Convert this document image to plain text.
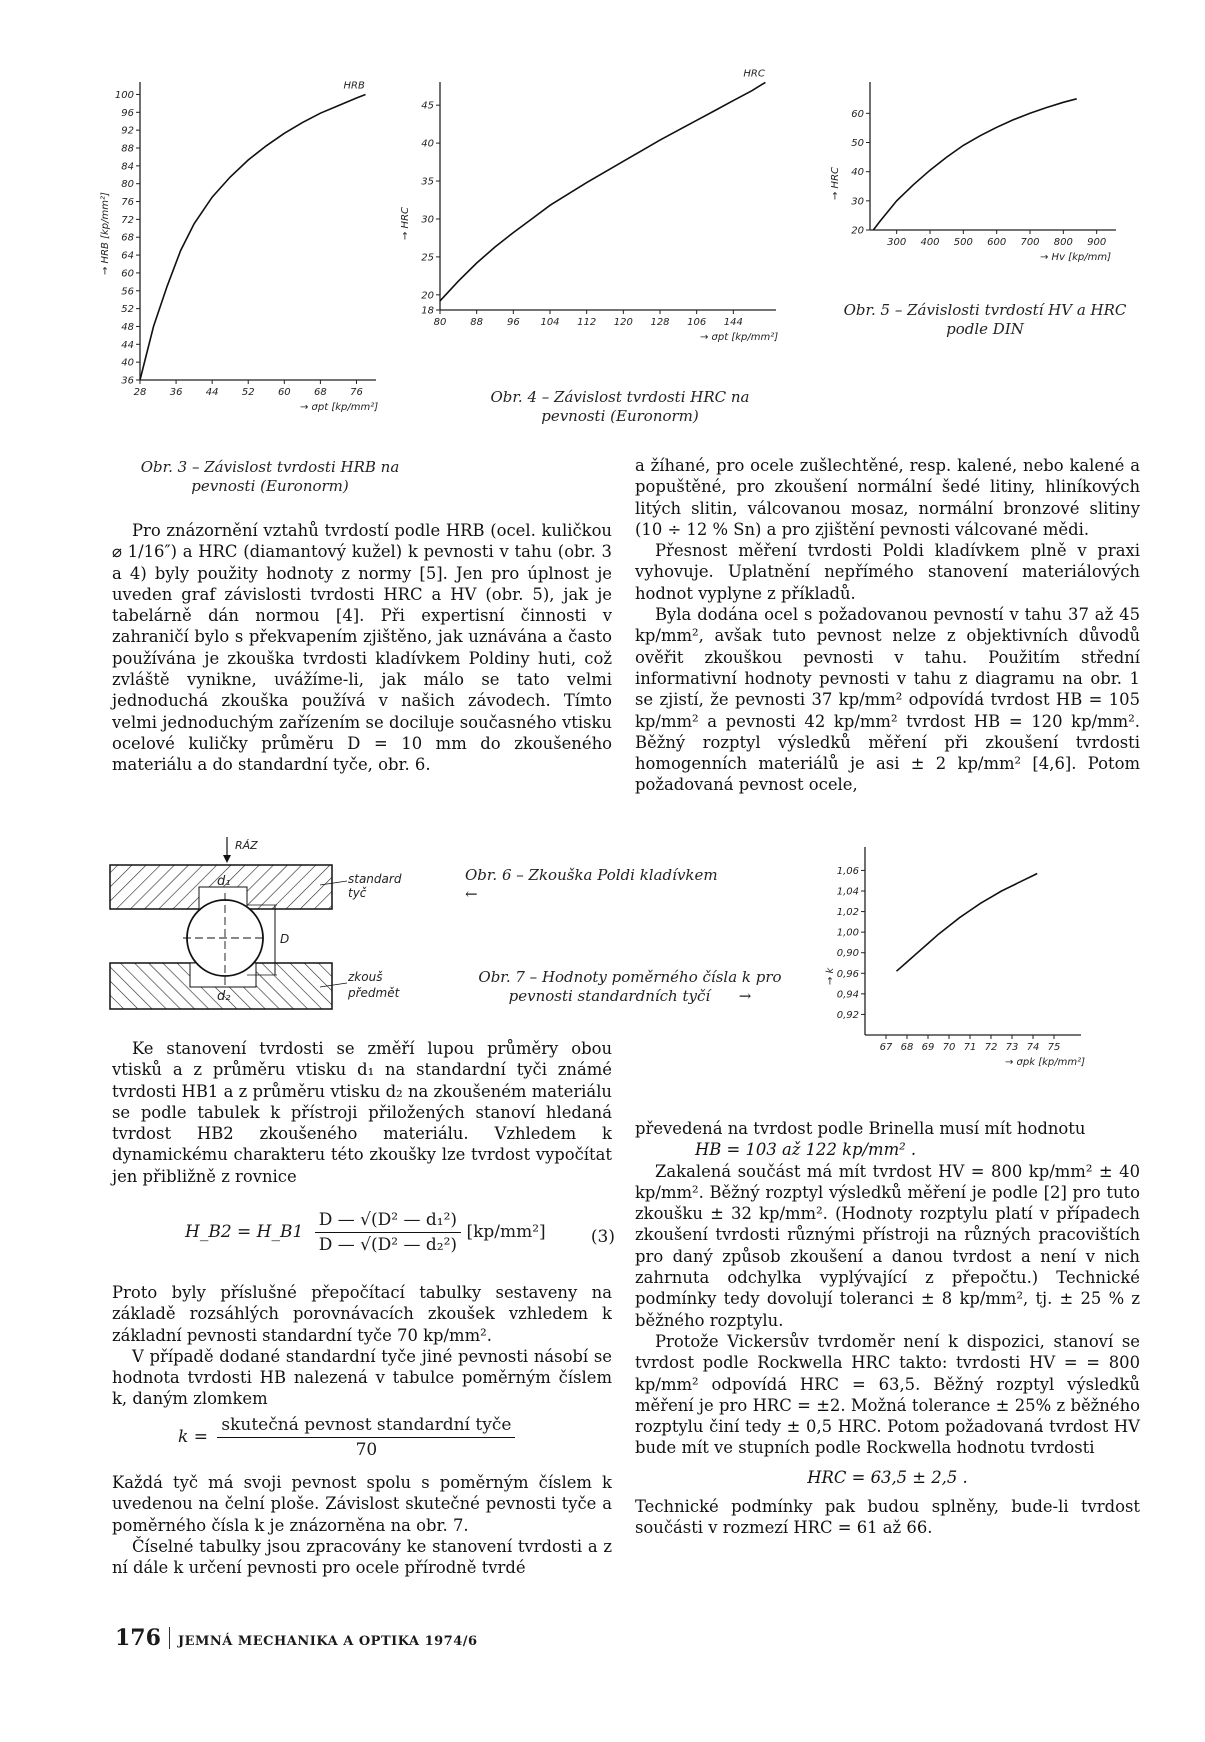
36
40
44
48
52
56
60
64
68
72
76
80
84
88
92
96
100
28 36 44 52 60 68 76
HRB
→ σpt [kp/mm²]
→ HRB [kp/mm²]
Obr. 3 – Závislost tvrdosti HRB na
pevnosti (Euronorm)
18
20
25
30
35
40
45
80 88 96 104 112 120 128 106 144
HRC
→ σpt [kp/mm²]
→ HRC
Obr. 4 – Závislost tvrdosti HRC na
pevnosti (Euronorm)
20
30
40
50
60
300 400 500 600 700 800 900
→ Hv [kp/mm]
→ HRC
Obr. 5 – Závislosti tvrdostí HV a HRC
podle DIN

Pro znázornění vztahů tvrdostí podle HRB (ocel. kuličkou ⌀ 1/16″) a HRC (diamantový kužel) k pevnosti v tahu (obr. 3 a 4) byly použity hodnoty z normy [5]. Jen pro úplnost je uveden graf závislosti tvrdosti HRC a HV (obr. 5), jak je tabelárně dán normou [4]. Při expertisní činnosti v zahraničí bylo s překvapením zjištěno, jak uznávána a často používána je zkouška tvrdosti kladívkem Poldiny huti, což zvláště vynikne, uvážíme-li, jak málo se tato velmi jednoduchá zkouška používá v našich závodech. Tímto velmi jednoduchým zařízením se dociluje současného vtisku ocelové kuličky průměru D = 10 mm do zkoušeného materiálu a do standardní tyče, obr. 6.

a žíhané, pro ocele zušlechtěné, resp. kalené, nebo kalené a popuštěné, pro zkoušení normální šedé litiny, hliníkových litých slitin, válcovanou mosaz, normální bronzové slitiny (10 ÷ 12 % Sn) a pro zjištění pevnosti válcované mědi.

Přesnost měření tvrdosti Poldi kladívkem plně v praxi vyhovuje. Uplatnění nepřímého stanovení materiálových hodnot vyplyne z příkladů.

Byla dodána ocel s požadovanou pevností v tahu 37 až 45 kp/mm², avšak tuto pevnost nelze z objektivních důvodů ověřit zkouškou pevnosti v tahu. Použitím střední informativní hodnoty pevnosti v tahu z diagramu na obr. 1 se zjistí, že pevnosti 37 kp/mm² odpovídá tvrdost HB = 105 kp/mm² a pevnosti 42 kp/mm² tvrdost HB = 120 kp/mm². Běžný rozptyl výsledků měření při zkoušení tvrdosti homogenních materiálů je asi ± 2 kp/mm² [4,6]. Potom požadovaná pevnost ocele,

RÁZ
d₁
d₂
D
standard
tyč
zkouš
předmět
Obr. 6 – Zkouška Poldi kladívkem
←
Obr. 7 – Hodnoty poměrného čísla k pro
pevnosti standardních tyčí →
0,92
0,94
0,96
0,90
1,00
1,02
1,04
1,06
67 68 69 70 71 72 73 74 75
→ σpk [kp/mm²]
→ k

Ke stanovení tvrdosti se změří lupou průměry obou vtisků a z průměru vtisku d₁ na standardní tyči známé tvrdosti HB1 a z průměru vtisku d₂ na zkoušeném materiálu se podle tabulek k přístroji přiložených stanoví hledaná tvrdost HB2 zkoušeného materiálu. Vzhledem k dynamickému charakteru této zkoušky lze tvrdost vypočítat jen přibližně z rovnice

H_B2 = H_B1 $\frac{\text{D — √(D² — d₁²)}}{\text{D — √(D² — d₂²)}} [kp/mm^2]$	(3)

Proto byly příslušné přepočítací tabulky sestaveny na základě rozsáhlých porovnávacích zkoušek vzhledem k základní pevnosti standardní tyče 70 kp/mm².

V případě dodané standardní tyče jiné pevnosti násobí se hodnota tvrdosti HB nalezená v tabulce poměrným číslem k, daným zlomkem

$k = \frac{\text{skutečná pevnost standardní tyče}}{70}$

Každá tyč má svoji pevnost spolu s poměrným číslem k uvedenou na čelní ploše. Závislost skutečné pevnosti tyče a poměrného čísla k je znázorněna na obr. 7.

Číselné tabulky jsou zpracovány ke stanovení tvrdosti a z ní dále k určení pevnosti pro ocele přírodně tvrdé

převedená na tvrdost podle Brinella musí mít hodnotu

HB = 103 až 122 kp/mm² .

Zakalená součást má mít tvrdost HV = 800 kp/mm² ± 40 kp/mm². Běžný rozptyl výsledků měření je podle [2] pro tuto zkoušku ± 32 kp/mm². (Hodnoty rozptylu platí v případech zkoušení tvrdosti různými přístroji na různých pracovištích pro daný způsob zkoušení a danou tvrdost a není v nich zahrnuta odchylka vyplývající z přepočtu.) Technické podmínky tedy dovolují toleranci ± 8 kp/mm², tj. ± 25 % z běžného rozptylu.

Protože Vickersův tvrdoměr není k dispozici, stanoví se tvrdost podle Rockwella HRC takto: tvrdosti HV = = 800 kp/mm² odpovídá HRC = 63,5. Běžný rozptyl výsledků měření je pro HRC = ±2. Možná tolerance ± 25% z běžného rozptylu činí tedy ± 0,5 HRC. Potom požadovaná tvrdost HV bude mít ve stupních podle Rockwella hodnotu tvrdosti

HRC = 63,5 ± 2,5 .

Technické podmínky pak budou splněny, bude-li tvrdost součásti v rozmezí HRC = 61 až 66.

176 JEMNÁ MECHANIKA A OPTIKA 1974/6
